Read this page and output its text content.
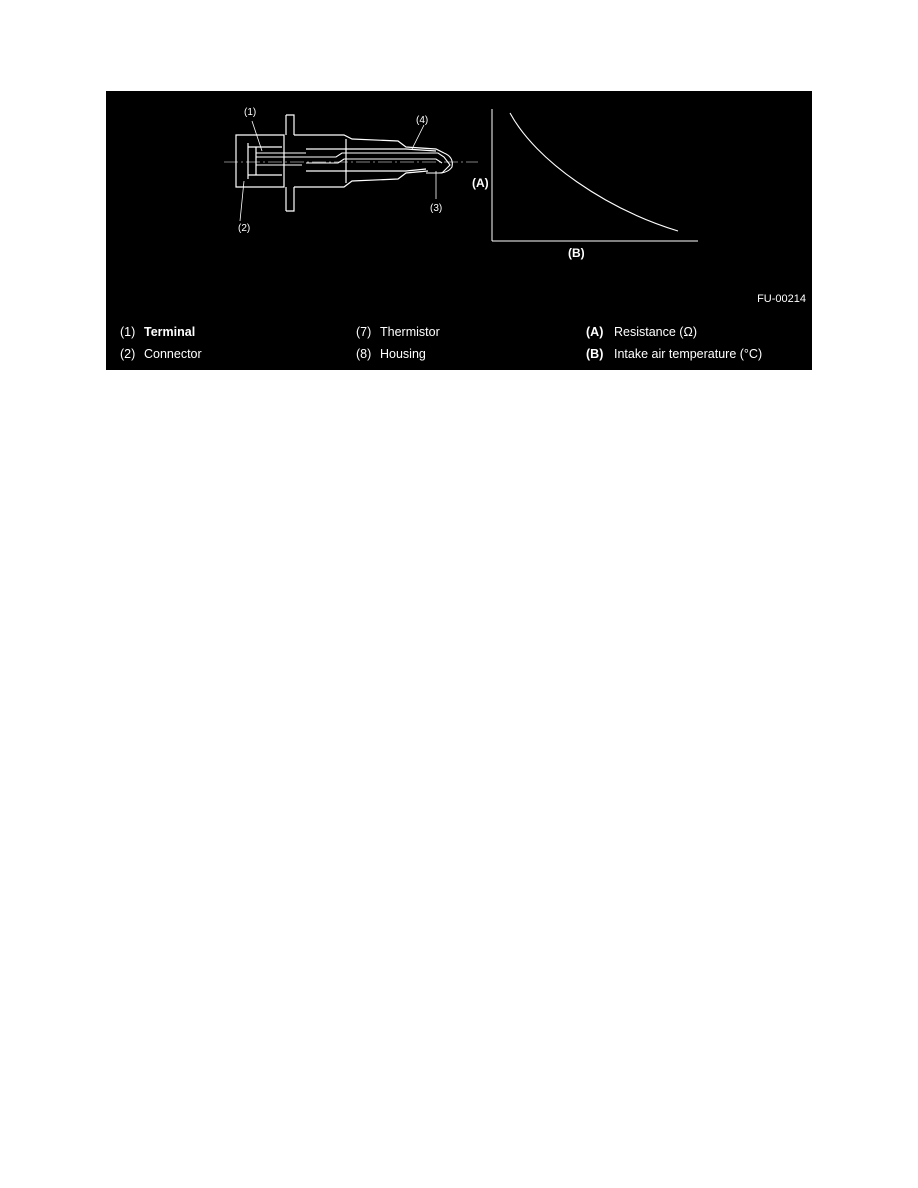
(1)
(2)
(3)
(4)
(A)
(B)
FU-00214
(1) Terminal
(2) Connector
(7) Thermistor
(8) Housing
(A) Resistance (Ω)
(B) Intake air temperature (°C)
